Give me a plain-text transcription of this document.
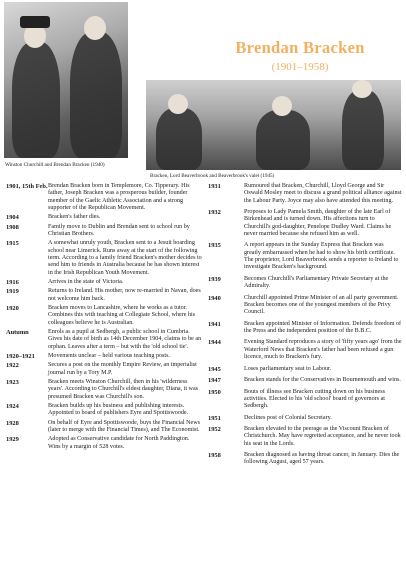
Winston Churchill and Brendan Bracken (1940)
Brendan Bracken
(1901–1958)
Bracken, Lord Beaverbrook and Beaverbrook's valet (1945)
1901, 15th Feb. Brendan Bracken born in Templemore, Co. Tipperary. His father, Joseph Bracken was a prosperous builder, founder member of the Gaelic Athletic Association and a strong supporter of the Republican Movement.
1904	Bracken's father dies.
1908	Family move to Dublin and Brendan sent to school run by Christian Brothers.
1915	A somewhat unruly youth, Bracken sent to a Jesuit boarding school near Limerick. Runs away at the start of the following term. According to a family friend Bracken's mother decides to send him to friends in Australia because he has shown interest in the Irish Republican Youth Movement.
1916	Arrives in the state of Victoria.
1919	Returns to Ireland. His mother, now re-married in Navan, does not welcome him back.
1920	Bracken moves to Lancashire, where he works as a tutor. Combines this with teaching at Collegiate School, where his colleagues believe he is Australian.
Autumn	Enrols as a pupil at Sedbergh, a public school in Cumbria. Gives his date of birth as 14th December 1904, claims to be an orphan. Leaves after a term – but with the 'old school tie'.
1920–1921	Movements unclear – held various teaching posts.
1922	Secures a post on the monthly Empire Review, an imperialist journal run by a Tory M.P.
1923	Bracken meets Winston Churchill, then in his 'wilderness years'. According to Churchill's eldest daughter, Diana, it was presumed Bracken was Churchill's son.
1924	Bracken builds up his business and publishing interests. Appointed to board of publishers Eyre and Spottiswoode.
1928	On behalf of Eyre and Spottiswoode, buys the Financial News (later to merge with the Financial Times), and The Economist.
1929	Adopted as Conservative candidate for North Paddington. Wins by a margin of 528 votes.
1931	Rumoured that Bracken, Churchill, Lloyd George and Sir Oswald Mosley meet to discuss a grand political alliance against the Labour Party. Joyce may also have attended this meeting.
1932	Proposes to Lady Pamela Smith, daughter of the late Earl of Birkenhead and is turned down. His affections turn to Churchill's god-daughter, Penelope Dudley Ward. Claims he never married because she refused him as well.
1935	A report appears in the Sunday Express that Bracken was greatly embarrassed when he had to show his birth certificate. The proprietor, Lord Beaverbrook sends a reporter to Ireland to investigate Bracken's background.
1939	Becomes Churchill's Parliamentary Private Secretary at the Admiralty.
1940	Churchill appointed Prime Minister of an all party government. Bracken becomes one of the youngest members of the Privy Council.
1941	Bracken appointed Minister of Information. Defends freedom of the Press and the independent position of the B.B.C.
1944	Evening Standard reproduces a story of 'fifty years ago' from the Waterford News that Bracken's father had been refused a gun licence, much to Bracken's fury.
1945	Loses parliamentary seat to Labour.
1947	Bracken stands for the Conservatives in Bournemouth and wins.
1950	Bouts of illness see Bracken cutting down on his business activities. Elected to his 'old school' board of governors at Sedbergh.
1951	Declines post of Colonial Secretary.
1952	Bracken elevated to the peerage as the Viscount Bracken of Christchurch. May have regretted acceptance, and he never took his seat in the Lords.
1958	Bracken diagnosed as having throat cancer, in January. Dies the following August, aged 57 years.
